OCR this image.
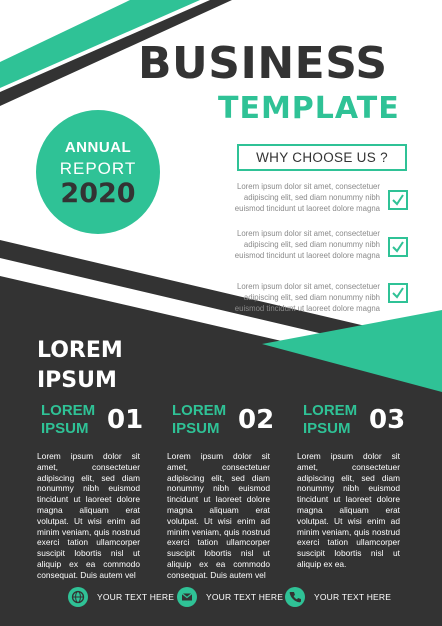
BUSINESS
TEMPLATE
ANNUAL
REPORT
2020
WHY CHOOSE US ?
Lorem ipsum dolor sit amet, consectetuer
adipiscing elit, sed diam nonummy nibh
euismod tincidunt ut laoreet dolore magna
Lorem ipsum dolor sit amet, consectetuer
adipiscing elit, sed diam nonummy nibh
euismod tincidunt ut laoreet dolore magna
Lorem ipsum dolor sit amet, consectetuer
adipiscing elit, sed diam nonummy nibh
euismod tincidunt ut laoreet dolore magna
LOREM
IPSUM
LOREM
IPSUM 01
Lorem ipsum dolor sit amet, consectetuer adipiscing elit, sed diam nonummy nibh euismod tincidunt ut laoreet dolore magna aliquam erat volutpat. Ut wisi enim ad minim veniam, quis nostrud exerci tation ullamcorper suscipit lobortis nisl ut aliquip ex ea commodo consequat. Duis autem vel
LOREM
IPSUM 02
Lorem ipsum dolor sit amet, consectetuer adipiscing elit, sed diam nonummy nibh euismod tincidunt ut laoreet dolore magna aliquam erat volutpat. Ut wisi enim ad minim veniam, quis nostrud exerci tation ullamcorper suscipit lobortis nisl ut aliquip ex ea commodo consequat. Duis autem vel
LOREM
IPSUM 03
Lorem ipsum dolor sit amet, consectetuer adipiscing elit, sed diam nonummy nibh euismod tincidunt ut laoreet dolore magna aliquam erat volutpat. Ut wisi enim ad minim veniam, quis nostrud exerci tation ullamcorper suscipit lobortis nisl ut aliquip ex ea.
YOUR TEXT HERE	YOUR TEXT HERE	YOUR TEXT HERE
